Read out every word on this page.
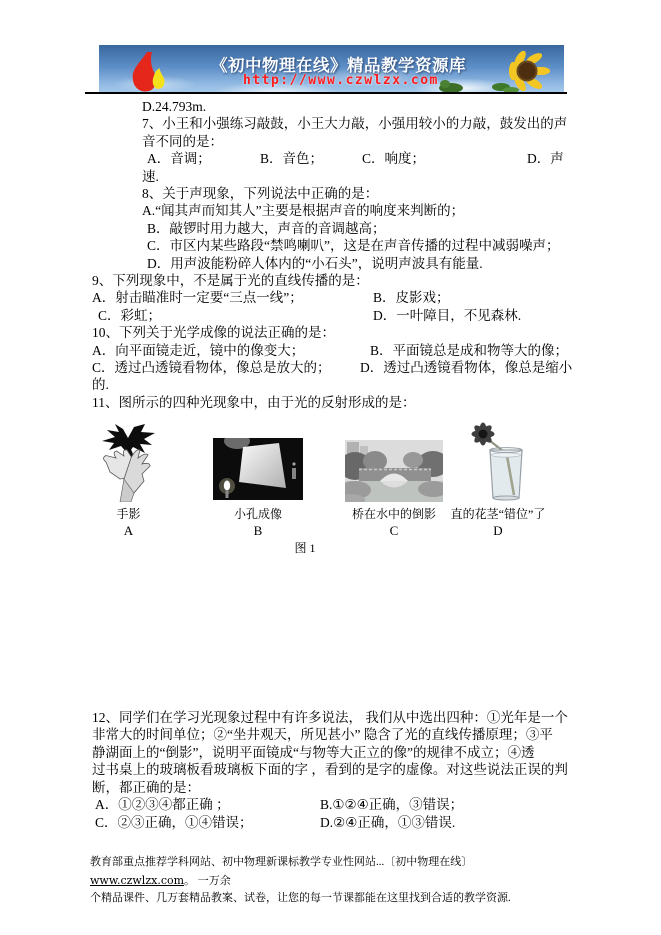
《初中物理在线》精品教学资源库
http://www.czwlzx.com
D.24.793m.
7、小王和小强练习敲鼓，小王大力敲，小强用较小的力敲，鼓发出的声
音不同的是：
A．音调；	B．音色；	C．响度；	D．声
速.
8、关于声现象，下列说法中正确的是：
A.“闻其声而知其人”主要是根据声音的响度来判断的；
B．敲锣时用力越大，声音的音调越高；
C．市区内某些路段“禁鸣喇叭”，这是在声音传播的过程中减弱噪声；
D．用声波能粉碎人体内的“小石头”，说明声波具有能量.
9、下列现象中，不是属于光的直线传播的是：
A．射击瞄准时一定要“三点一线”；	B．皮影戏；
C．彩虹；	D．一叶障目，不见森林.
10、下列关于光学成像的说法正确的是：
A．向平面镜走近，镜中的像变大；	B．平面镜总是成和物等大的像；
C．透过凸透镜看物体，像总是放大的； D．透过凸透镜看物体，像总是缩小
的.
11、图所示的四种光现象中，由于光的反射形成的是：
12、同学们在学习光现象过程中有许多说法， 我们从中选出四种：①光年是一个
非常大的时间单位；②“坐井观天，所见甚小” 隐含了光的直线传播原理；③平
静湖面上的“倒影”，说明平面镜成“与物等大正立的像”的规律不成立；④透
过书桌上的玻璃板看玻璃板下面的字 ，看到的是字的虚像。对这些说法正误的判
断，都正确的是：
A．①②③④都正确 ；	B.①②④正确，③错误；
C．②③正确，①④错误；	D.②④正确，①③错误.
手影	小孔成像	桥在水中的倒影	直的花茎“错位”了
A	B	C	D
图 1
教育部重点推荐学科网站、初中物理新课标教学专业性网站...〔初中物理在线〕www.czwlzx.com。 一万余
个精品课件、几万套精品教案、试卷，让您的每一节课都能在这里找到合适的教学资源.
